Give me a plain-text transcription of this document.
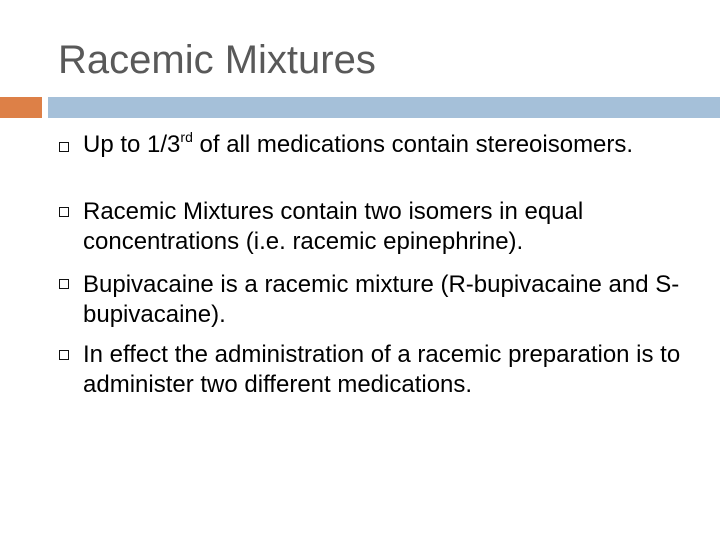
Racemic Mixtures
Up to 1/3rd of all medications contain stereoisomers.
Racemic Mixtures contain two isomers in equal concentrations (i.e. racemic epinephrine).
Bupivacaine is a racemic mixture (R-bupivacaine and S- bupivacaine).
In effect the administration of a racemic preparation is to administer two different medications.
